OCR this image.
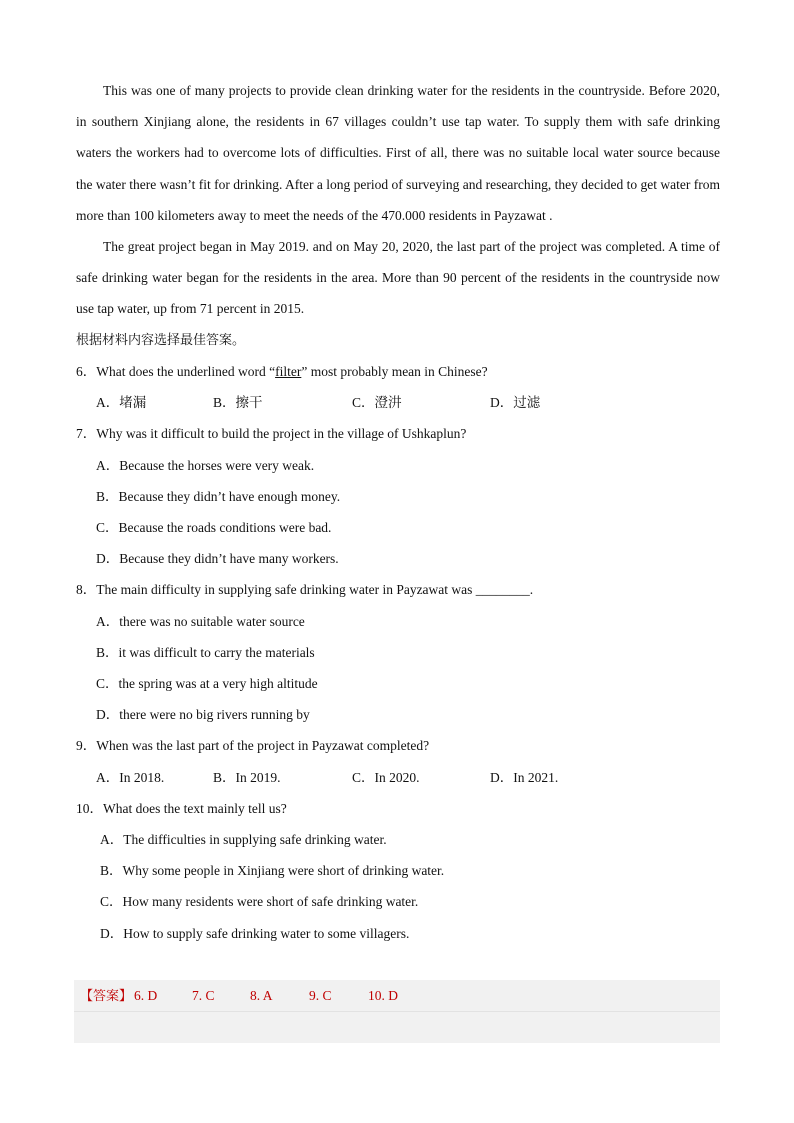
This was one of many projects to provide clean drinking water for the residents in the countryside. Before 2020, in southern Xinjiang alone, the residents in 67 villages couldn’t use tap water. To supply them with safe drinking waters the workers had to overcome lots of difficulties. First of all, there was no suitable local water source because the water there wasn’t fit for drinking. After a long period of surveying and researching, they decided to get water from more than 100 kilometers away to meet the needs of the 470.000 residents in Payzawat .

The great project began in May 2019. and on May 20, 2020, the last part of the project was completed. A time of safe drinking water began for the residents in the area. More than 90 percent of the residents in the countryside now use tap water, up from 71 percent in 2015.

根据材料内容选择最佳答案。
6．What does the underlined word “filter” most probably mean in Chinese?
A．堵漏	B．擦干	C．澄汫	D．过滤
7．Why was it difficult to build the project in the village of Ushkaplun?
A．Because the horses were very weak.
B．Because they didn’t have enough money.
C．Because the roads conditions were bad.
D．Because they didn’t have many workers.
8．The main difficulty in supplying safe drinking water in Payzawat was ________.
A．there was no suitable water source
B．it was difficult to carry the materials
C．the spring was at a very high altitude
D．there were no big rivers running by
9．When was the last part of the project in Payzawat completed?
A．In 2018.	B．In 2019.	C．In 2020.	D．In 2021.
10．What does the text mainly tell us?
A．The difficulties in supplying safe drinking water.
B．Why some people in Xinjiang were short of drinking water.
C．How many residents were short of safe drinking water.
D．How to supply safe drinking water to some villagers.
【答案】 6. D	7. C	8. A	9. C	10. D
